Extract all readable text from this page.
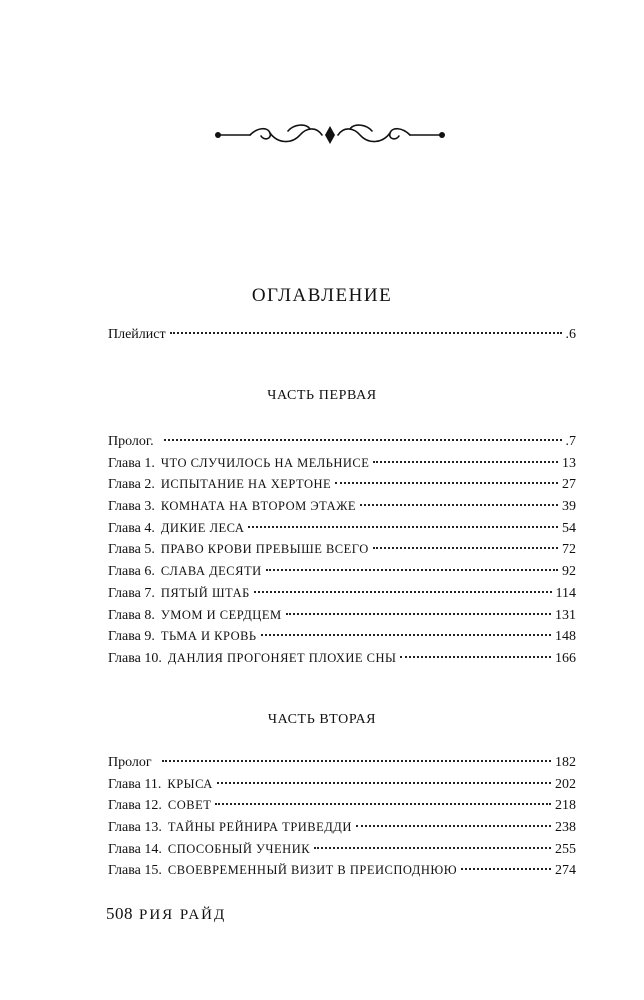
ОГЛАВЛЕНИЕ
Плейлист	.6
ЧАСТЬ ПЕРВАЯ
Пролог.	.7
Глава 1. ЧТО СЛУЧИЛОСЬ НА МЕЛЬНИСЕ	13
Глава 2. ИСПЫТАНИЕ НА ХЕРТОНЕ	27
Глава 3. КОМНАТА НА ВТОРОМ ЭТАЖЕ	39
Глава 4. ДИКИЕ ЛЕСА	54
Глава 5. ПРАВО КРОВИ ПРЕВЫШЕ ВСЕГО	72
Глава 6. СЛАВА ДЕСЯТИ	92
Глава 7. ПЯТЫЙ ШТАБ	114
Глава 8. УМОМ И СЕРДЦЕМ	131
Глава 9. ТЬМА И КРОВЬ	148
Глава 10. ДАНЛИЯ ПРОГОНЯЕТ ПЛОХИЕ СНЫ	166
ЧАСТЬ ВТОРАЯ
Пролог	182
Глава 11. КРЫСА	202
Глава 12. СОВЕТ	218
Глава 13. ТАЙНЫ РЕЙНИРА ТРИВЕДДИ	238
Глава 14. СПОСОБНЫЙ УЧЕНИК	255
Глава 15. СВОЕВРЕМЕННЫЙ ВИЗИТ В ПРЕИСПОДНЮЮ	274
508 РИЯ РАЙД
